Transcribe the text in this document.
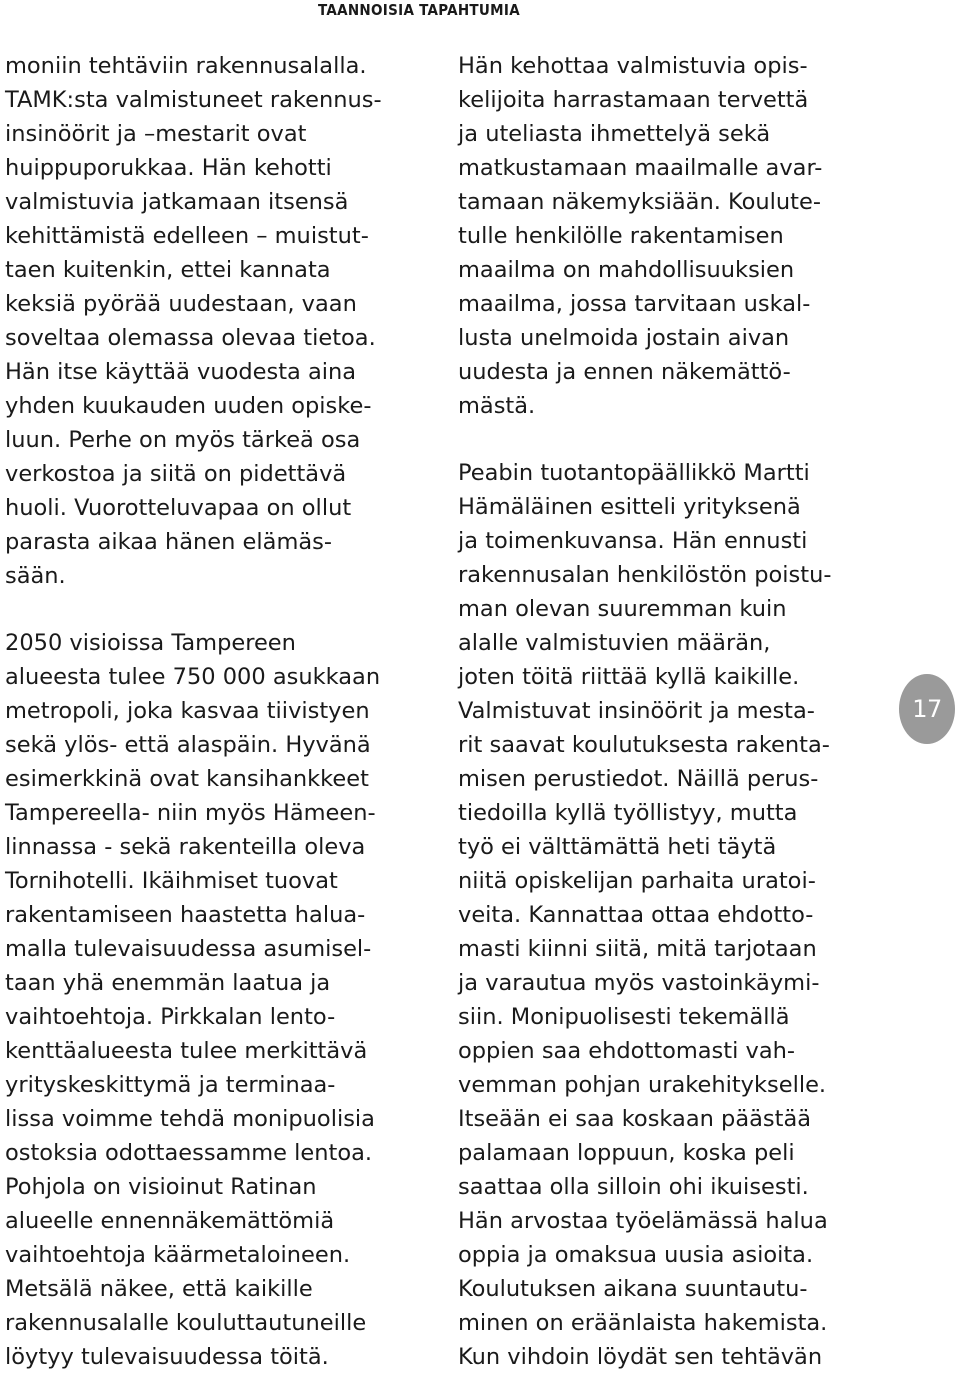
TAANNOISIA TAPAHTUMIA

moniin tehtäviin rakennusalalla.
TAMK:sta valmistuneet rakennus-
insinöörit ja –mestarit ovat
huippuporukkaa. Hän kehotti
valmistuvia jatkamaan itsensä
kehittämistä edelleen – muistut-
taen kuitenkin, ettei kannata
keksiä pyörää uudestaan, vaan
soveltaa olemassa olevaa tietoa.
Hän itse käyttää vuodesta aina
yhden kuukauden uuden opiske-
luun. Perhe on myös tärkeä osa
verkostoa ja siitä on pidettävä
huoli. Vuorotteluvapaa on ollut
parasta aikaa hänen elämäs-
sään.

2050 visioissa Tampereen
alueesta tulee 750 000 asukkaan
metropoli, joka kasvaa tiivistyen
sekä ylös- että alaspäin. Hyvänä
esimerkkinä ovat kansihankkeet
Tampereella- niin myös Hämeen-
linnassa - sekä rakenteilla oleva
Tornihotelli. Ikäihmiset tuovat
rakentamiseen haastetta halua-
malla tulevaisuudessa asumisel-
taan yhä enemmän laatua ja
vaihtoehtoja. Pirkkalan lento-
kenttäalueesta tulee merkittävä
yrityskeskittymä ja terminaa-
lissa voimme tehdä monipuolisia
ostoksia odottaessamme lentoa.
Pohjola on visioinut Ratinan
alueelle ennennäkemättömiä
vaihtoehtoja käärmetaloineen.
Metsälä näkee, että kaikille
rakennusalalle kouluttautuneille
löytyy tulevaisuudessa töitä.

Hän kehottaa valmistuvia opis-
kelijoita harrastamaan tervettä
ja uteliasta ihmettelyä sekä
matkustamaan maailmalle avar-
tamaan näkemyksiään. Koulute-
tulle henkilölle rakentamisen
maailma on mahdollisuuksien
maailma, jossa tarvitaan uskal-
lusta unelmoida jostain aivan
uudesta ja ennen näkemättö-
mästä.

Peabin tuotantopäällikkö Martti
Hämäläinen esitteli yrityksenä
ja toimenkuvansa. Hän ennusti
rakennusalan henkilöstön poistu-
man olevan suuremman kuin
alalle valmistuvien määrän,
joten töitä riittää kyllä kaikille.
Valmistuvat insinöörit ja mesta-
rit saavat koulutuksesta rakenta-
misen perustiedot. Näillä perus-
tiedoilla kyllä työllistyy, mutta
työ ei välttämättä heti täytä
niitä opiskelijan parhaita uratoi-
veita. Kannattaa ottaa ehdotto-
masti kiinni siitä, mitä tarjotaan
ja varautua myös vastoinkäymi-
siin. Monipuolisesti tekemällä
oppien saa ehdottomasti vah-
vemman pohjan urakehitykselle.
Itseään ei saa koskaan päästää
palamaan loppuun, koska peli
saattaa olla silloin ohi ikuisesti.
Hän arvostaa työelämässä halua
oppia ja omaksua uusia asioita.
Koulutuksen aikana suuntautu-
minen on eräänlaista hakemista.
Kun vihdoin löydät sen tehtävän

17
